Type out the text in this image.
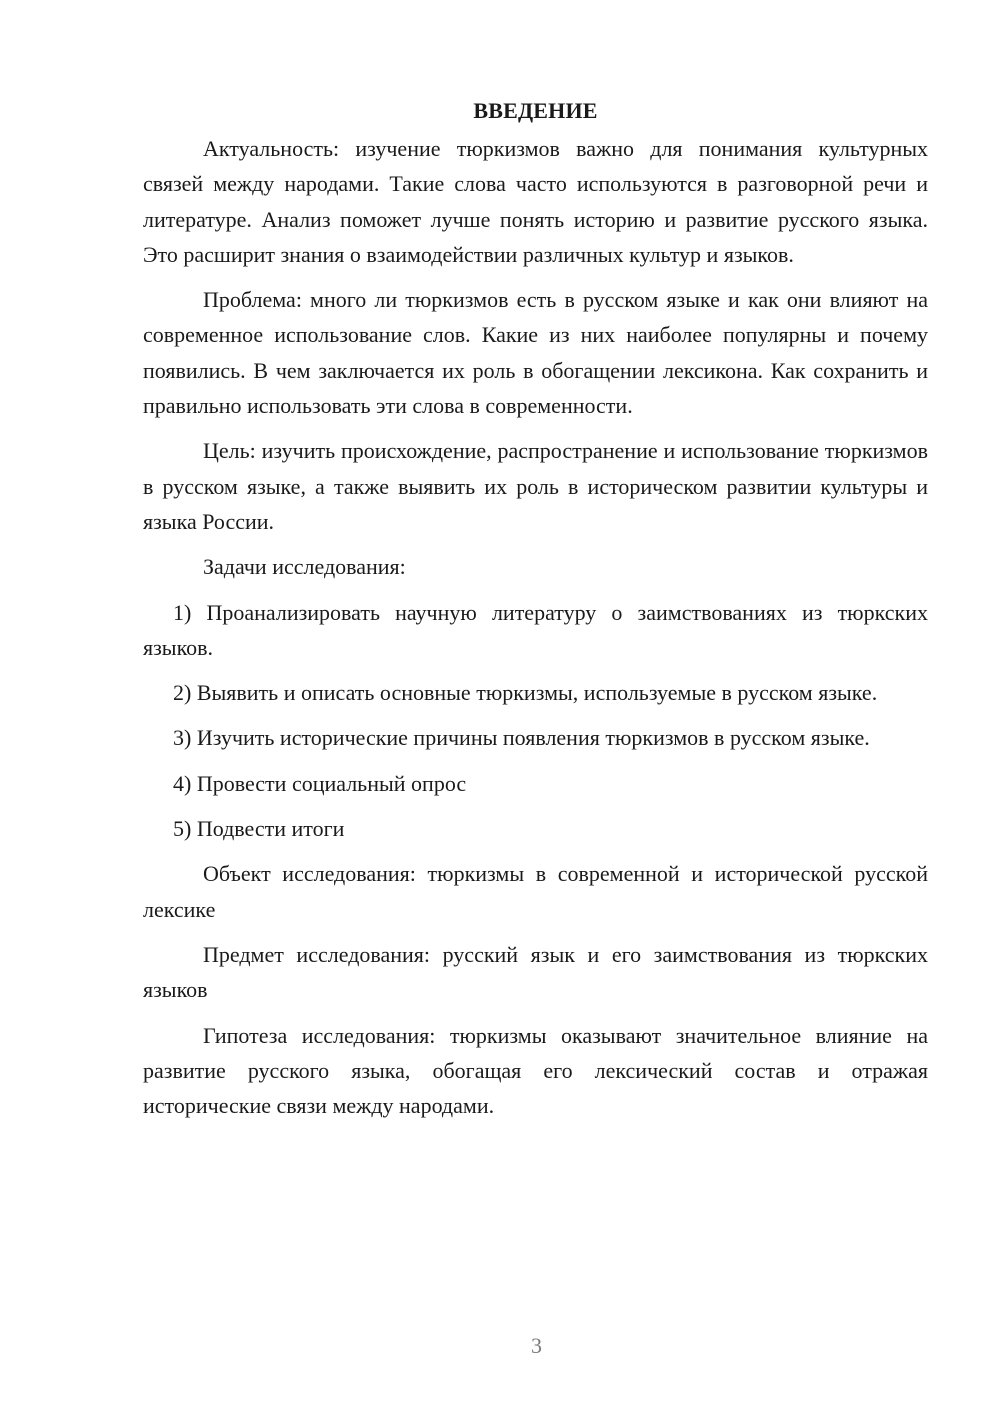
ВВЕДЕНИЕ

Актуальность: изучение тюркизмов важно для понимания культурных связей между народами. Такие слова часто используются в разговорной речи и литературе. Анализ поможет лучше понять историю и развитие русского языка. Это расширит знания о взаимодействии различных культур и языков.

Проблема: много ли тюркизмов есть в русском языке и как они влияют на современное использование слов. Какие из них наиболее популярны и почему появились. В чем заключается их роль в обогащении лексикона. Как сохранить и правильно использовать эти слова в современности.

Цель: изучить происхождение, распространение и использование тюркизмов в русском языке, а также выявить их роль в историческом развитии культуры и языка России.

Задачи исследования:

1) Проанализировать научную литературу о заимствованиях из тюркских языков.

2) Выявить и описать основные тюркизмы, используемые в русском языке.

3) Изучить исторические причины появления тюркизмов в русском языке.

4) Провести социальный опрос

5) Подвести итоги

Объект исследования: тюркизмы в современной и исторической русской лексике

Предмет исследования: русский язык и его заимствования из тюркских языков

Гипотеза исследования: тюркизмы оказывают значительное влияние на развитие русского языка, обогащая его лексический состав и отражая исторические связи между народами.

3
